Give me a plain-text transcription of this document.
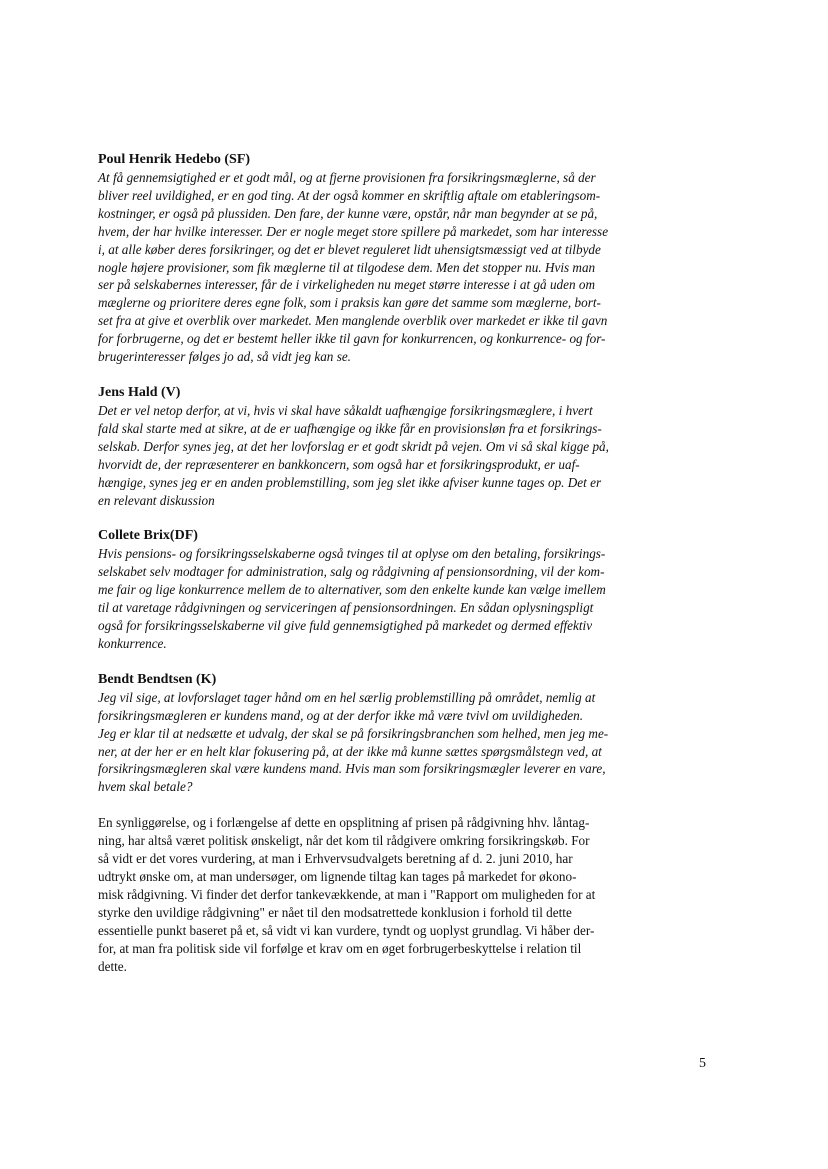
Poul Henrik Hedebo (SF)

At få gennemsigtighed er et godt mål, og at fjerne provisionen fra forsikringsmæglerne, så der
bliver reel uvildighed, er en god ting. At der også kommer en skriftlig aftale om etableringsom-
kostninger, er også på plussiden. Den fare, der kunne være, opstår, når man begynder at se på,
hvem, der har hvilke interesser. Der er nogle meget store spillere på markedet, som har interesse
i, at alle køber deres forsikringer, og det er blevet reguleret lidt uhensigtsmæssigt ved at tilbyde
nogle højere provisioner, som fik mæglerne til at tilgodese dem. Men det stopper nu. Hvis man
ser på selskabernes interesser, får de i virkeligheden nu meget større interesse i at gå uden om
mæglerne og prioritere deres egne folk, som i praksis kan gøre det samme som mæglerne, bort-
set fra at give et overblik over markedet. Men manglende overblik over markedet er ikke til gavn
for forbrugerne, og det er bestemt heller ikke til gavn for konkurrencen, og konkurrence- og for-
brugerinteresser følges jo ad, så vidt jeg kan se.

Jens Hald (V)

Det er vel netop derfor, at vi, hvis vi skal have såkaldt uafhængige forsikringsmæglere, i hvert
fald skal starte med at sikre, at de er uafhængige og ikke får en provisionsløn fra et forsikrings-
selskab. Derfor synes jeg, at det her lovforslag er et godt skridt på vejen. Om vi så skal kigge på,
hvorvidt de, der repræsenterer en bankkoncern, som også har et forsikringsprodukt, er uaf-
hængige, synes jeg er en anden problemstilling, som jeg slet ikke afviser kunne tages op. Det er
en relevant diskussion

Collete Brix(DF)

Hvis pensions- og forsikringsselskaberne også tvinges til at oplyse om den betaling, forsikrings-
selskabet selv modtager for administration, salg og rådgivning af pensionsordning, vil der kom-
me fair og lige konkurrence mellem de to alternativer, som den enkelte kunde kan vælge imellem
til at varetage rådgivningen og serviceringen af pensionsordningen. En sådan oplysningspligt
også for forsikringsselskaberne vil give fuld gennemsigtighed på markedet og dermed effektiv
konkurrence.

Bendt Bendtsen (K)

Jeg vil sige, at lovforslaget tager hånd om en hel særlig problemstilling på området, nemlig at
forsikringsmægleren er kundens mand, og at der derfor ikke må være tvivl om uvildigheden.
Jeg er klar til at nedsætte et udvalg, der skal se på forsikringsbranchen som helhed, men jeg me-
ner, at der her er en helt klar fokusering på, at der ikke må kunne sættes spørgsmålstegn ved, at
forsikringsmægleren skal være kundens mand. Hvis man som forsikringsmægler leverer en vare,
hvem skal betale?
En synliggørelse, og i forlængelse af dette en opsplitning af prisen på rådgivning hhv. låntag-
ning, har altså været politisk ønskeligt, når det kom til rådgivere omkring forsikringskøb. For
så vidt er det vores vurdering, at man i Erhvervsudvalgets beretning af d. 2. juni 2010, har
udtrykt ønske om, at man undersøger, om lignende tiltag kan tages på markedet for økono-
misk rådgivning. Vi finder det derfor tankevækkende, at man i "Rapport om muligheden for at
styrke den uvildige rådgivning" er nået til den modsatrettede konklusion i forhold til dette
essentielle punkt baseret på et, så vidt vi kan vurdere, tyndt og uoplyst grundlag. Vi håber der-
for, at man fra politisk side vil forfølge et krav om en øget forbrugerbeskyttelse i relation til
dette.
5
